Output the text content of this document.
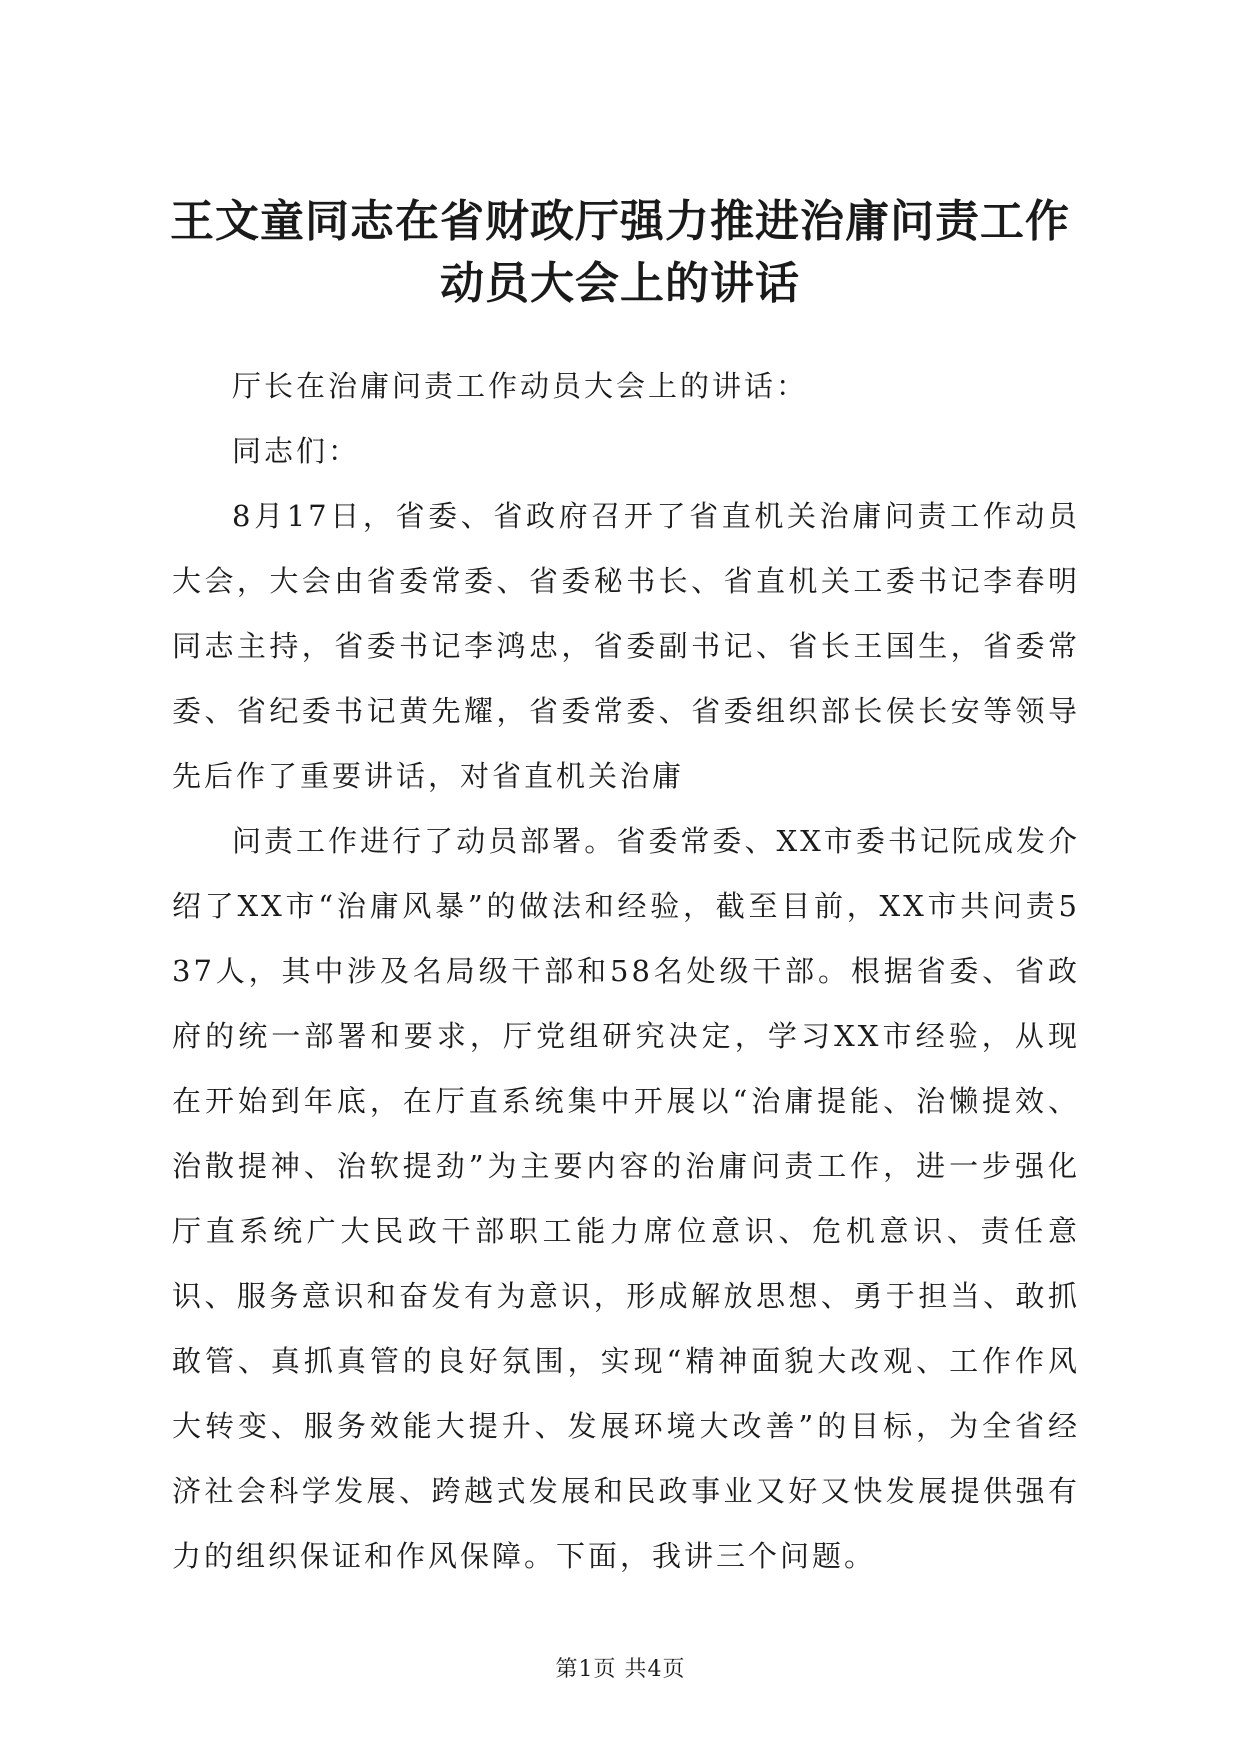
王文童同志在省财政厅强力推进治庸问责工作
动员大会上的讲话

厅长在治庸问责工作动员大会上的讲话：

同志们：

8月17日，省委、省政府召开了省直机关治庸问责工作动员大会，大会由省委常委、省委秘书长、省直机关工委书记李春明同志主持，省委书记李鸿忠，省委副书记、省长王国生，省委常委、省纪委书记黄先耀，省委常委、省委组织部长侯长安等领导先后作了重要讲话，对省直机关治庸

问责工作进行了动员部署。省委常委、XX市委书记阮成发介绍了XX市“治庸风暴”的做法和经验，截至目前，XX市共问责537人，其中涉及名局级干部和58名处级干部。根据省委、省政府的统一部署和要求，厅党组研究决定，学习XX市经验，从现在开始到年底，在厅直系统集中开展以“治庸提能、治懒提效、治散提神、治软提劲”为主要内容的治庸问责工作，进一步强化厅直系统广大民政干部职工能力席位意识、危机意识、责任意识、服务意识和奋发有为意识，形成解放思想、勇于担当、敢抓敢管、真抓真管的良好氛围，实现“精神面貌大改观、工作作风大转变、服务效能大提升、发展环境大改善”的目标，为全省经济社会科学发展、跨越式发展和民政事业又好又快发展提供强有力的组织保证和作风保障。下面，我讲三个问题。

第1页 共4页
